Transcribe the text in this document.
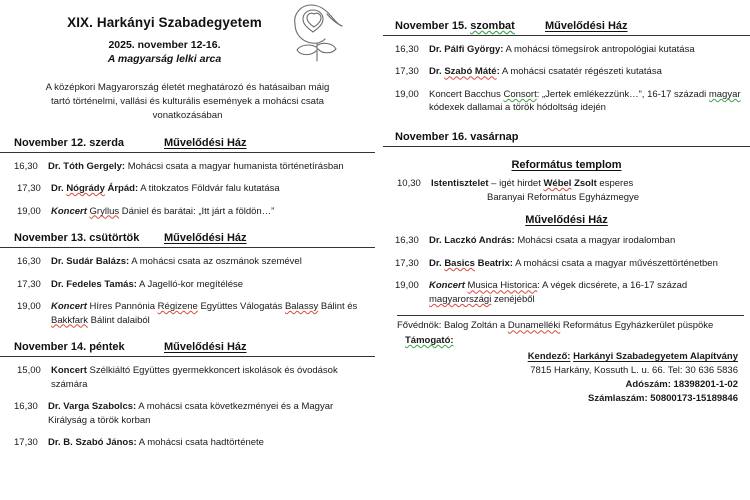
XIX. Harkányi Szabadegyetem
2025. november 12-16.
A magyarság lelki arca
A középkori Magyarország életét meghatározó és hatásaiban máig tartó történelmi, vallási és kulturális események a mohácsi csata vonatkozásában
November 12. szerda	Művelődési Ház
16,30	Dr. Tóth Gergely: Mohácsi csata a magyar humanista történetírásban
17,30	Dr. Nógrády Árpád: A titokzatos Földvár falu kutatása
19,00	Koncert Gryllus Dániel és barátai: „Itt járt a földön…”
November 13. csütörtök	Művelődési Ház
16,30	Dr. Sudár Balázs: A mohácsi csata az oszmánok szemével
17,30	Dr. Fedeles Tamás: A Jagelló-kor megítélése
19,00	Koncert Híres Pannónia Régizene Együttes Válogatás Balassy Bálint és Bakkfark Bálint dalaiból
November 14. péntek	Művelődési Ház
15,00	Koncert Szélkiáltó Együttes gyermekkoncert iskolások és óvodások számára
16,30	Dr. Varga Szabolcs: A mohácsi csata következményei és a Magyar Királyság a török korban
17,30	Dr. B. Szabó János: A mohácsi csata hadtörténete
November 15. szombat	Művelődési Ház
16,30	Dr. Pálfi György: A mohácsi tömegsírok antropológiai kutatása
17,30	Dr. Szabó Máté: A mohácsi csatatér régészeti kutatása
19,00	Koncert Bacchus Consort: „Jertek emlékezzünk…”, 16-17 századi magyar kódexek dallamai a török hódoltság idején
November 16. vasárnap
Református templom
10,30	Istentisztelet – igét hirdet Wébel Zsolt esperes
Baranyai Református Egyházmegye
Művelődési Ház
16,30	Dr. Laczkó András: Mohácsi csata a magyar irodalomban
17,30	Dr. Basics Beatrix: A mohácsi csata a magyar művészettörténetben
19,00	Koncert Musica Historica: A végek dicsérete, a 16-17 század magyarországi zenéjéből
Fővédnök: Balog Zoltán a Dunamelléki Református Egyházkerület püspöke
Támogató:
Kendező: Harkányi Szabadegyetem Alapítvány
7815 Harkány, Kossuth L. u. 66. Tel: 30 636 5836
Adószám: 18398201-1-02
Számlaszám: 50800173-15189846
